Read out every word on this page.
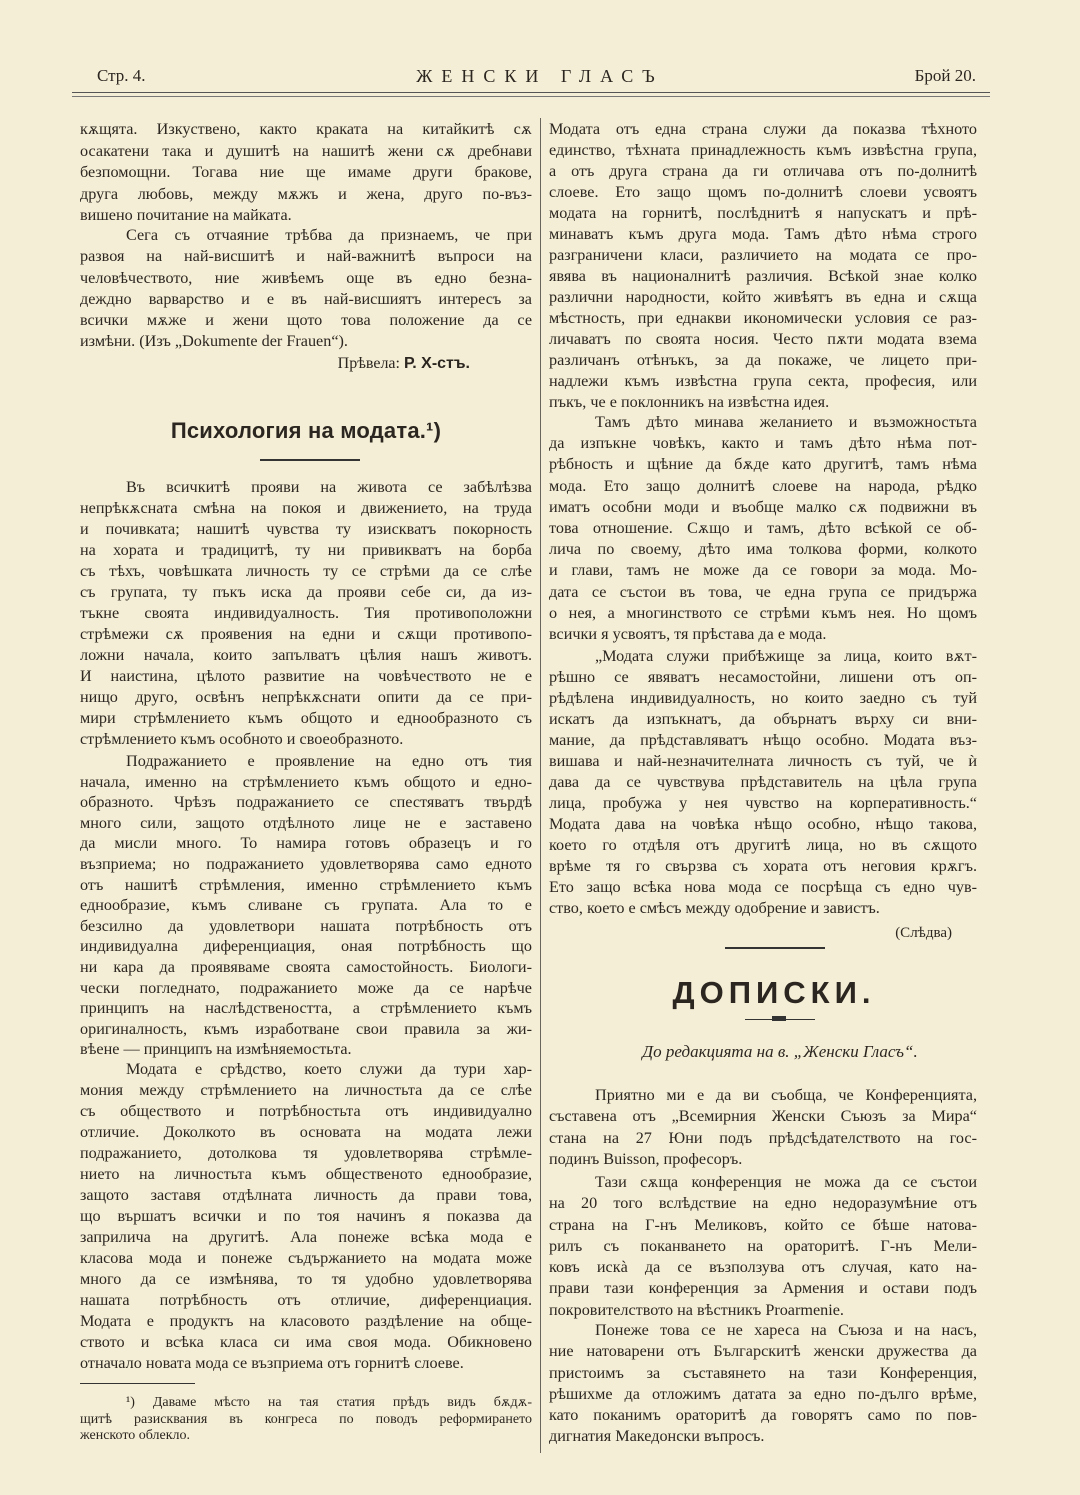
Стр. 4.	ЖЕНСКИ ГЛАСЪ	Брой 20.
кѫщята. Изкуствено, както краката на китайкитѣ сѫ
осакатени така и душитѣ на нашитѣ жени сѫ дребнави
безпомощни. Тогава ние ще имаме други бракове,
друга любовь, между мѫжъ и жена, друго по-въз-
вишено почитание на майката.
Сега съ отчаяние трѣбва да признаемъ, че при
развоя на най-висшитѣ и най-важнитѣ въпроси на
человѣчеството, ние живѣемъ още въ едно безна-
деждно варварство и е въ най-висшиятъ интересъ за
всички мѫже и жени щото това положение да се
измѣни. (Изъ „Dokumente der Frauen“).
Прѣвела: Р. Х-стъ.
Психология на модата.¹)
Въ всичкитѣ прояви на живота се забѣлѣзва
непрѣкѫсната смѣна на покоя и движението, на труда
и почивката; нашитѣ чувства ту изискватъ покорность
на хората и традицитѣ, ту ни привикватъ на борба
съ тѣхъ, човѣшката личность ту се стрѣми да се слѣе
съ групата, ту пъкъ иска да прояви себе си, да из-
тъкне своята индивидуалность. Тия противоположни
стрѣмежи сѫ проявения на едни и сѫщи противопо-
ложни начала, които запълватъ цѣлия нашъ животъ.
И наистина, цѣлото развитие на човѣчеството не е
нищо друго, освѣнъ непрѣкѫснати опити да се при-
мири стрѣмлението къмъ общото и еднообразното съ
стрѣмлението къмъ особното и своеобразното.
Подражанието е проявление на едно отъ тия
начала, именно на стрѣмлението къмъ общото и едно-
образното. Чрѣзъ подражанието се спестяватъ твърдѣ
много сили, защото отдѣлното лице не е заставено
да мисли много. То намира готовъ образецъ и го
възприема; но подражанието удовлетворява само едното
отъ нашитѣ стрѣмления, именно стрѣмлението къмъ
еднообразие, къмъ сливане съ групата. Ала то е
безсилно да удовлетвори нашата потрѣбность отъ
индивидуална диференциация, оная потрѣбность що
ни кара да проявяваме своята самостойность. Биологи-
чески погледнато, подражанието може да се нарѣче
принципъ на наслѣдствеността, а стрѣмлението къмъ
оригиналность, къмъ изработване свои правила за жи-
вѣене — принципъ на измѣняемостьта.
Модата е срѣдство, което служи да тури хар-
мония между стрѣмлението на личностьта да се слѣе
съ обществото и потрѣбностьта отъ индивидуално
отличие. Доколкото въ основата на модата лежи
подражанието, дотолкова тя удовлетворява стрѣмле-
нието на личностьта къмъ общественото еднообразие,
защото заставя отдѣлната личность да прави това,
що вършатъ всички и по тоя начинъ я показва да
заприлича на другитѣ. Ала понеже всѣка мода е
класова мода и понеже съдържанието на модата може
много да се измѣнява, то тя удобно удовлетворява
нашата потрѣбность отъ отличие, диференциация.
Модата е продуктъ на класовото раздѣление на обще-
ството и всѣка класа си има своя мода. Обикновено
отначало новата мода се възприема отъ горнитѣ слоеве.
¹) Даваме мѣсто на тая статия прѣдъ видъ бѫдѫ-
щитѣ разисквания въ конгреса по поводъ реформирането
женското облекло.
Модата отъ една страна служи да показва тѣхното
единство, тѣхната принадлежность къмъ извѣстна група,
а отъ друга страна да ги отличава отъ по-долнитѣ
слоеве. Ето защо щомъ по-долнитѣ слоеви усвоятъ
модата на горнитѣ, послѣднитѣ я напускатъ и прѣ-
минаватъ къмъ друга мода. Тамъ дѣто нѣма строго
разграничени класи, различието на модата се про-
явява въ националнитѣ различия. Всѣкой знае колко
различни народности, който живѣятъ въ една и сѫща
мѣстность, при еднакви икономически условия се раз-
личаватъ по своята носия. Често пѫти модата взема
различанъ отѣнъкъ, за да покаже, че лицето при-
надлежи къмъ извѣстна група секта, професия, или
пъкъ, че е поклонникъ на извѣстна идея.
Тамъ дѣто минава желанието и възможностьта
да изпъкне човѣкъ, както и тамъ дѣто нѣма пот-
рѣбность и щѣние да бѫде като другитѣ, тамъ нѣма
мода. Ето защо долнитѣ слоеве на народа, рѣдко
иматъ особни моди и въобще малко сѫ подвижни въ
това отношение. Сѫщо и тамъ, дѣто всѣкой се об-
лича по своему, дѣто има толкова форми, колкото
и глави, тамъ не може да се говори за мода. Мо-
дата се състои въ това, че една група се придържа
о нея, а многинството се стрѣми къмъ нея. Но щомъ
всички я усвоятъ, тя прѣстава да е мода.
„Модата служи прибѣжище за лица, които вѫт-
рѣшно се явяватъ несамостойни, лишени отъ оп-
рѣдѣлена индивидуалность, но които заедно съ туй
искатъ да изпъкнатъ, да обърнатъ върху си вни-
мание, да прѣдставляватъ нѣщо особно. Модата въз-
вишава и най-незначителната личность съ туй, че ѝ
дава да се чувствува прѣдставитель на цѣла група
лица, пробужа у нея чувство на корперативность.“
Модата дава на човѣка нѣщо особно, нѣщо такова,
което го отдѣля отъ другитѣ лица, но въ сѫщото
врѣме тя го свързва съ хората отъ неговия крѫгъ.
Ето защо всѣка нова мода се посрѣща съ едно чув-
ство, което е смѣсъ между одобрение и завистъ.
(Слѣдва)
ДОПИСКИ.
До редакцията на в. „Женски Гласъ“.
Приятно ми е да ви съобща, че Конференцията,
съставена отъ „Всемирния Женски Съюзъ за Мира“
стана на 27 Юни подъ прѣдсѣдателството на гос-
подинъ Buisson, професоръ.
Тази сѫща конференция не можа да се състои
на 20 того вслѣдствие на едно недоразумѣние отъ
страна на Г-нъ Меликовъ, който се бѣше натова-
рилъ съ поканването на ораторитѣ. Г-нъ Мели-
ковъ искà да се възползува отъ случая, като на-
прави тази конференция за Армения и остави подъ
покровителството на вѣстникъ Proarmenie.
Понеже това се не хареса на Съюза и на насъ,
ние натоварени отъ Българскитѣ женски дружества да
пристоимъ за съставянето на тази Конференция,
рѣшихме да отложимъ датата за едно по-дълго врѣме,
като поканимъ ораторитѣ да говорятъ само по пов-
дигнатия Македонски въпросъ.
